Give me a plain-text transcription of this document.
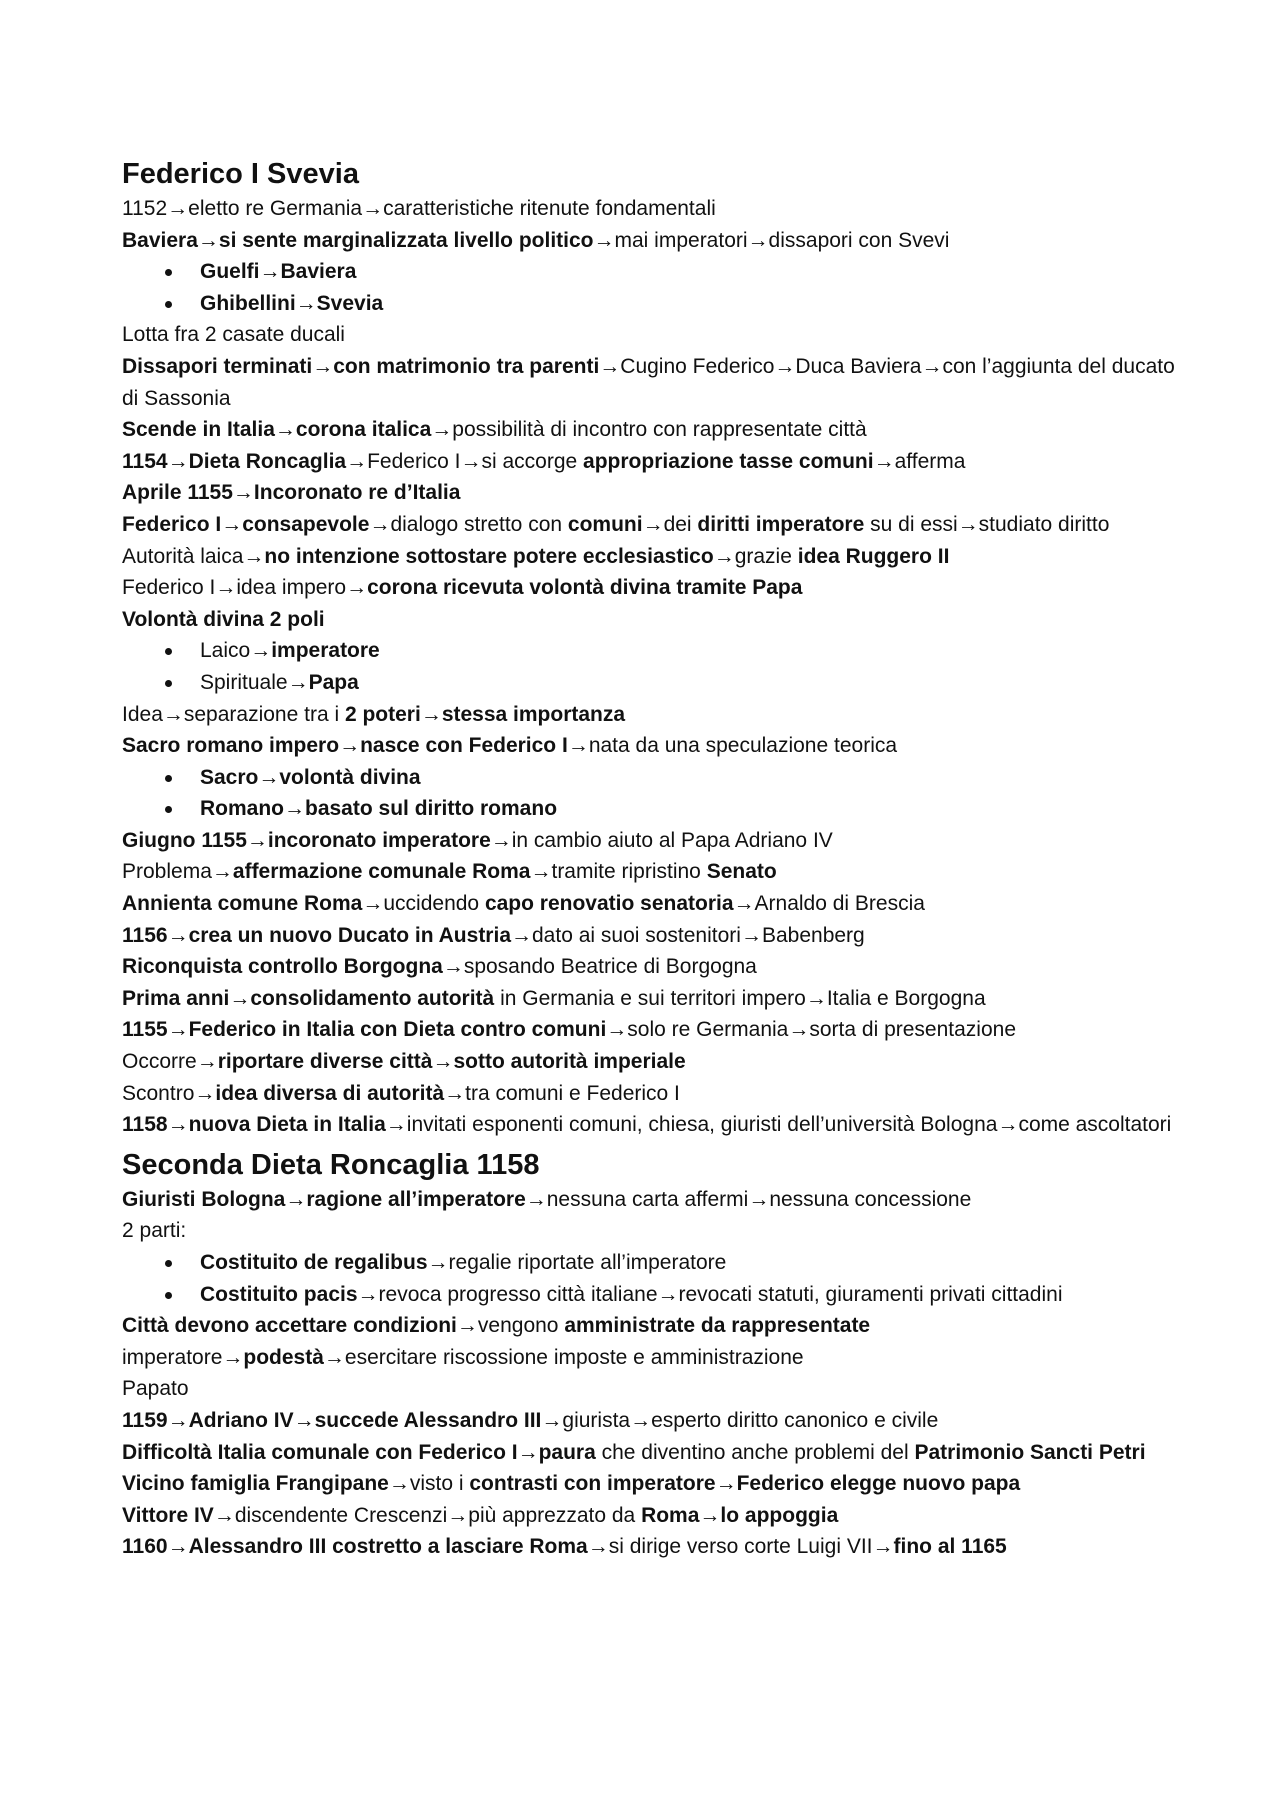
Federico I Svevia
1152→eletto re Germania→caratteristiche ritenute fondamentali
Baviera→si sente marginalizzata livello politico→mai imperatori→dissapori con Svevi
Guelfi→Baviera
Ghibellini→Svevia
Lotta fra 2 casate ducali
Dissapori terminati→con matrimonio tra parenti→Cugino Federico→Duca Baviera→con l’aggiunta del ducato di Sassonia
Scende in Italia→corona italica→possibilità di incontro con rappresentate città
1154→Dieta Roncaglia→Federico I→si accorge appropriazione tasse comuni→afferma
Aprile 1155→Incoronato re d’Italia
Federico I→consapevole→dialogo stretto con comuni→dei diritti imperatore su di essi→studiato diritto
Autorità laica→no intenzione sottostare potere ecclesiastico→grazie idea Ruggero II
Federico I→idea impero→corona ricevuta volontà divina tramite Papa
Volontà divina 2 poli
Laico→imperatore
Spirituale→Papa
Idea→separazione tra i 2 poteri→stessa importanza
Sacro romano impero→nasce con Federico I→nata da una speculazione teorica
Sacro→volontà divina
Romano→basato sul diritto romano
Giugno 1155→incoronato imperatore→in cambio aiuto al Papa Adriano IV
Problema→affermazione comunale Roma→tramite ripristino Senato
Annienta comune Roma→uccidendo capo renovatio senatoria→Arnaldo di Brescia
1156→crea un nuovo Ducato in Austria→dato ai suoi sostenitori→Babenberg
Riconquista controllo Borgogna→sposando Beatrice di Borgogna
Prima anni→consolidamento autorità in Germania e sui territori impero→Italia e Borgogna
1155→Federico in Italia con Dieta contro comuni→solo re Germania→sorta di presentazione
Occorre→riportare diverse città→sotto autorità imperiale
Scontro→idea diversa di autorità→tra comuni e Federico I
1158→nuova Dieta in Italia→invitati esponenti comuni, chiesa, giuristi dell’università Bologna→come ascoltatori
Seconda Dieta Roncaglia 1158
Giuristi Bologna→ragione all’imperatore→nessuna carta affermi→nessuna concessione
2 parti:
Costituito de regalibus→regalie riportate all’imperatore
Costituito pacis→revoca progresso città italiane→revocati statuti, giuramenti privati cittadini
Città devono accettare condizioni→vengono amministrate da rappresentate
imperatore→podestà→esercitare riscossione imposte e amministrazione
Papato
1159→Adriano IV→succede Alessandro III→giurista→esperto diritto canonico e civile
Difficoltà Italia comunale con Federico I→paura che diventino anche problemi del Patrimonio Sancti Petri
Vicino famiglia Frangipane→visto i contrasti con imperatore→Federico elegge nuovo papa
Vittore IV→discendente Crescenzi→più apprezzato da Roma→lo appoggia
1160→Alessandro III costretto a lasciare Roma→si dirige verso corte Luigi VII→fino al 1165
